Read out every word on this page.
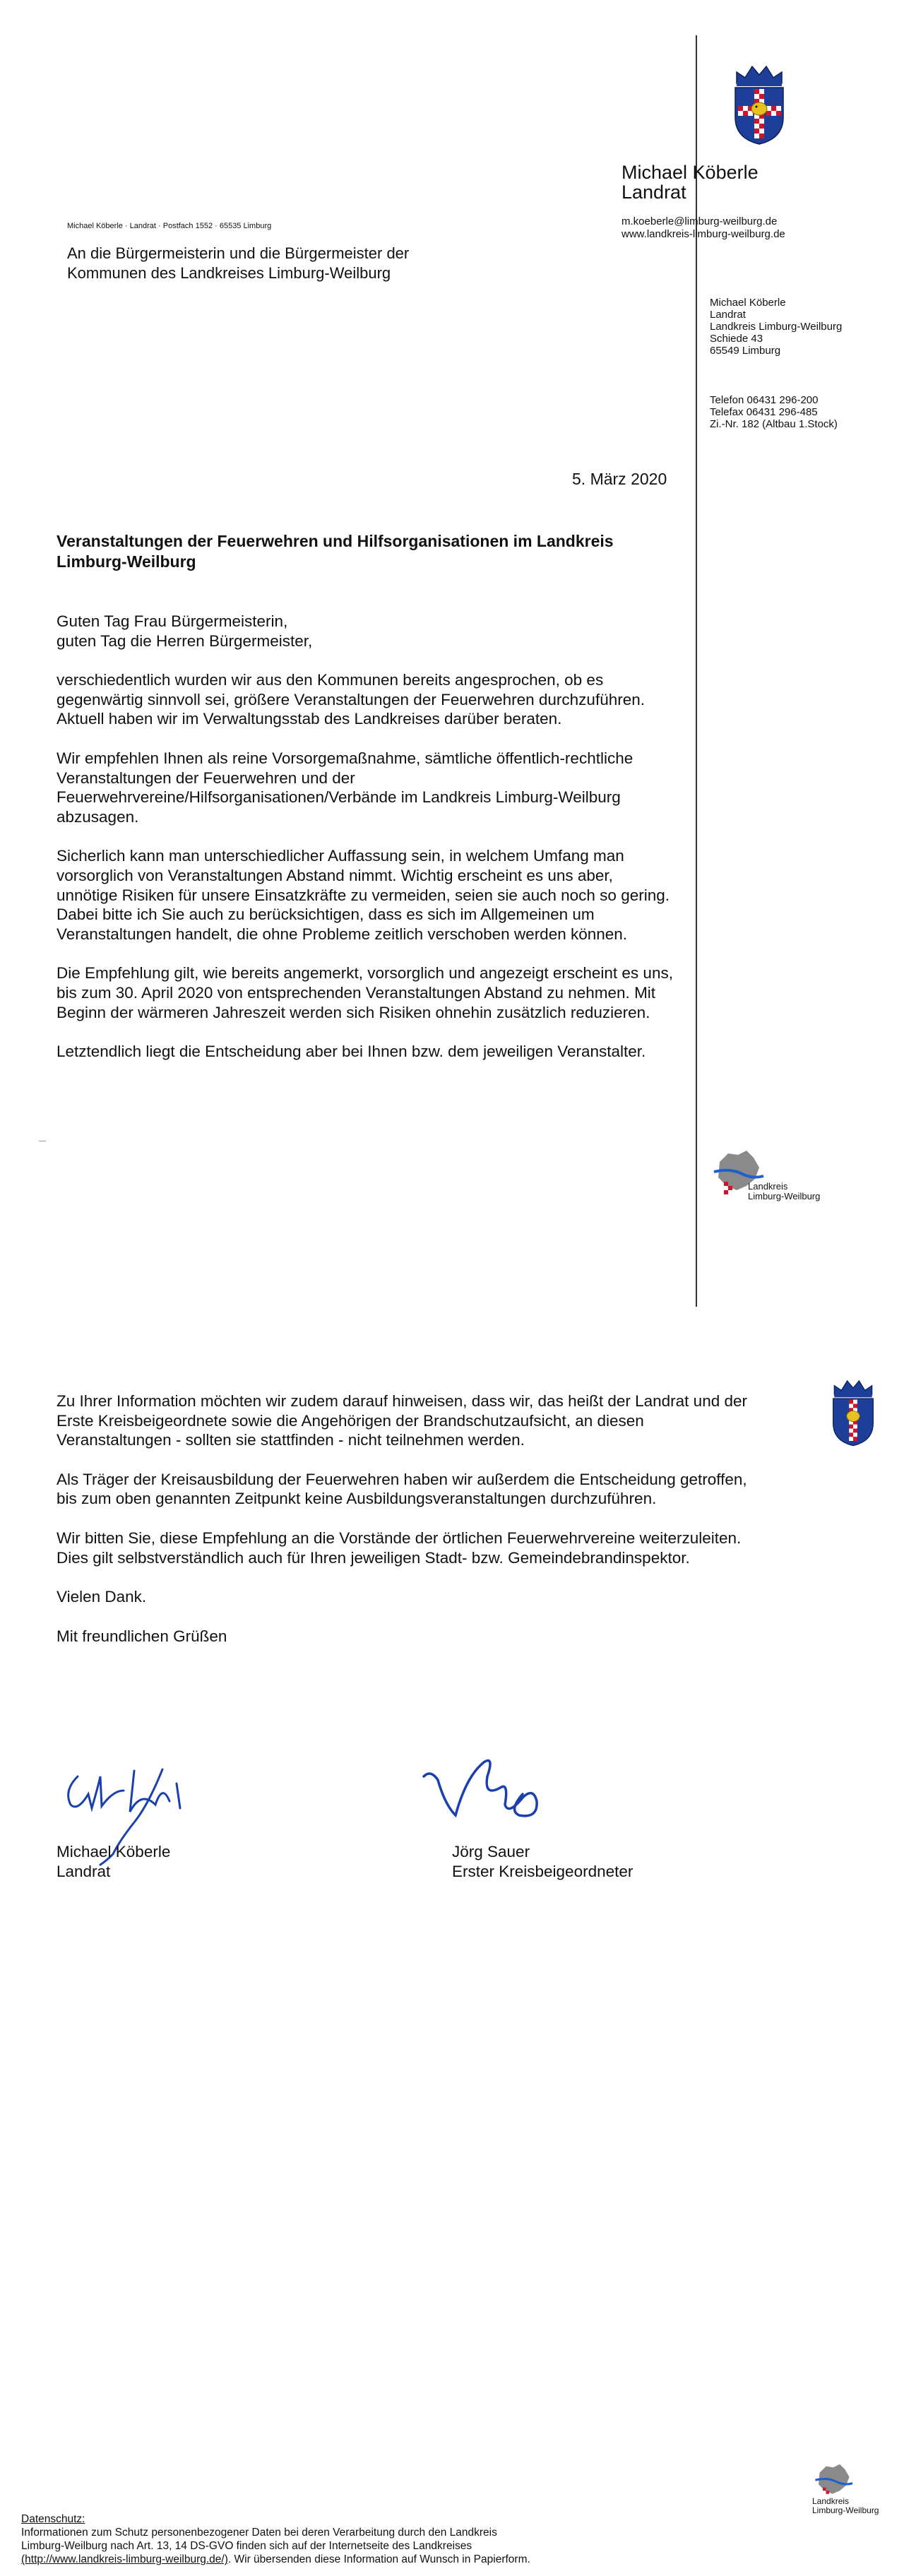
Michael Köberle
Landrat
m.koeberle@limburg-weilburg.de
www.landkreis-limburg-weilburg.de
Michael Köberle · Landrat · Postfach 1552 · 65535 Limburg
An die Bürgermeisterin und die Bürgermeister der Kommunen des Landkreises Limburg-Weilburg
Michael Köberle
Landrat
Landkreis Limburg-Weilburg
Schiede 43
65549 Limburg
Telefon 06431 296-200
Telefax 06431 296-485
Zi.-Nr. 182 (Altbau 1.Stock)
5. März 2020
Veranstaltungen der Feuerwehren und Hilfsorganisationen im Landkreis Limburg-Weilburg
Guten Tag Frau Bürgermeisterin,

guten Tag die Herren Bürgermeister,

verschiedentlich wurden wir aus den Kommunen bereits angesprochen, ob es gegenwärtig sinnvoll sei, größere Veranstaltungen der Feuerwehren durchzuführen. Aktuell haben wir im Verwaltungsstab des Landkreises darüber beraten.

Wir empfehlen Ihnen als reine Vorsorgemaßnahme, sämtliche öffentlich-rechtliche Veranstaltungen der Feuerwehren und der Feuerwehrvereine/Hilfsorganisationen/Verbände im Landkreis Limburg-Weilburg abzusagen.

Sicherlich kann man unterschiedlicher Auffassung sein, in welchem Umfang man vorsorglich von Veranstaltungen Abstand nimmt. Wichtig erscheint es uns aber, unnötige Risiken für unsere Einsatzkräfte zu vermeiden, seien sie auch noch so gering. Dabei bitte ich Sie auch zu berücksichtigen, dass es sich im Allgemeinen um Veranstaltungen handelt, die ohne Probleme zeitlich verschoben werden können.

Die Empfehlung gilt, wie bereits angemerkt, vorsorglich und angezeigt erscheint es uns, bis zum 30. April 2020 von entsprechenden Veranstaltungen Abstand zu nehmen. Mit Beginn der wärmeren Jahreszeit werden sich Risiken ohnehin zusätzlich reduzieren.

Letztendlich liegt die Entscheidung aber bei Ihnen bzw. dem jeweiligen Veranstalter.

Landkreis
Limburg-Weilburg

Zu Ihrer Information möchten wir zudem darauf hinweisen, dass wir, das heißt der Landrat und der Erste Kreisbeigeordnete sowie die Angehörigen der Brandschutzaufsicht, an diesen Veranstaltungen - sollten sie stattfinden - nicht teilnehmen werden.

Als Träger der Kreisausbildung der Feuerwehren haben wir außerdem die Entscheidung getroffen, bis zum oben genannten Zeitpunkt keine Ausbildungsveranstaltungen durchzuführen.

Wir bitten Sie, diese Empfehlung an die Vorstände der örtlichen Feuerwehrvereine weiterzuleiten. Dies gilt selbstverständlich auch für Ihren jeweiligen Stadt- bzw. Gemeindebrandinspektor.

Vielen Dank.

Mit freundlichen Grüßen

Michael Köberle
Landrat
Jörg Sauer
Erster Kreisbeigeordneter
Landkreis
Limburg-Weilburg
Datenschutz:
Informationen zum Schutz personenbezogener Daten bei deren Verarbeitung durch den Landkreis
Limburg-Weilburg nach Art. 13, 14 DS-GVO finden sich auf der Internetseite des Landkreises
(http://www.landkreis-limburg-weilburg.de/). Wir übersenden diese Information auf Wunsch in Papierform.
